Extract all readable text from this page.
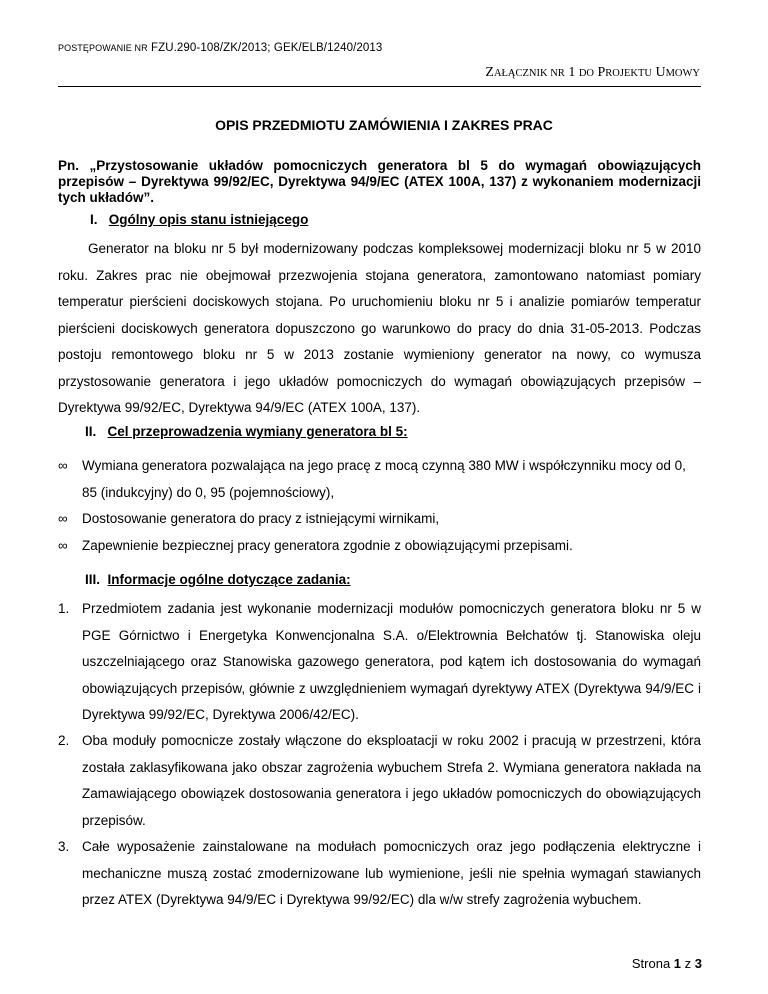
POSTĘPOWANIE NR FZU.290-108/ZK/2013; GEK/ELB/1240/2013
ZAŁĄCZNIK NR 1 DO PROJEKTU UMOWY
OPIS PRZEDMIOTU ZAMÓWIENIA I ZAKRES PRAC
Pn. „Przystosowanie układów pomocniczych generatora bl 5 do wymagań obowiązujących przepisów – Dyrektywa 99/92/EC, Dyrektywa 94/9/EC (ATEX 100A, 137) z wykonaniem modernizacji tych układów”.
I. Ogólny opis stanu istniejącego
Generator na bloku nr 5 był modernizowany podczas kompleksowej modernizacji bloku nr 5 w 2010 roku. Zakres prac nie obejmował przezwojenia stojana generatora, zamontowano natomiast pomiary temperatur pierścieni dociskowych stojana. Po uruchomieniu bloku nr 5 i analizie pomiarów temperatur pierścieni dociskowych generatora dopuszczono go warunkowo do pracy do dnia 31-05-2013. Podczas postoju remontowego bloku nr 5 w 2013 zostanie wymieniony generator na nowy, co wymusza przystosowanie generatora i jego układów pomocniczych do wymagań obowiązujących przepisów – Dyrektywa 99/92/EC, Dyrektywa 94/9/EC (ATEX 100A, 137).
II. Cel przeprowadzenia wymiany generatora bl 5:
∞	Wymiana generatora pozwalająca na jego pracę z mocą czynną 380 MW i współczynniku mocy od 0, 85 (indukcyjny) do 0, 95 (pojemnościowy),
∞	Dostosowanie generatora do pracy z istniejącymi wirnikami,
∞	Zapewnienie bezpiecznej pracy generatora zgodnie z obowiązującymi przepisami.
III. Informacje ogólne dotyczące zadania:
1. Przedmiotem zadania jest wykonanie modernizacji modułów pomocniczych generatora bloku nr 5 w PGE Górnictwo i Energetyka Konwencjonalna S.A. o/Elektrownia Bełchatów tj. Stanowiska oleju uszczelniającego oraz Stanowiska gazowego generatora, pod kątem ich dostosowania do wymagań obowiązujących przepisów, głównie z uwzględnieniem wymagań dyrektywy ATEX (Dyrektywa 94/9/EC i Dyrektywa 99/92/EC, Dyrektywa 2006/42/EC).
2. Oba moduły pomocnicze zostały włączone do eksploatacji w roku 2002 i pracują w przestrzeni, która została zaklasyfikowana jako obszar zagrożenia wybuchem Strefa 2. Wymiana generatora nakłada na Zamawiającego obowiązek dostosowania generatora i jego układów pomocniczych do obowiązujących przepisów.
3. Całe wyposażenie zainstalowane na modułach pomocniczych oraz jego podłączenia elektryczne i mechaniczne muszą zostać zmodernizowane lub wymienione, jeśli nie spełnia wymagań stawianych przez ATEX (Dyrektywa 94/9/EC i Dyrektywa 99/92/EC) dla w/w strefy zagrożenia wybuchem.
Strona 1 z 3
